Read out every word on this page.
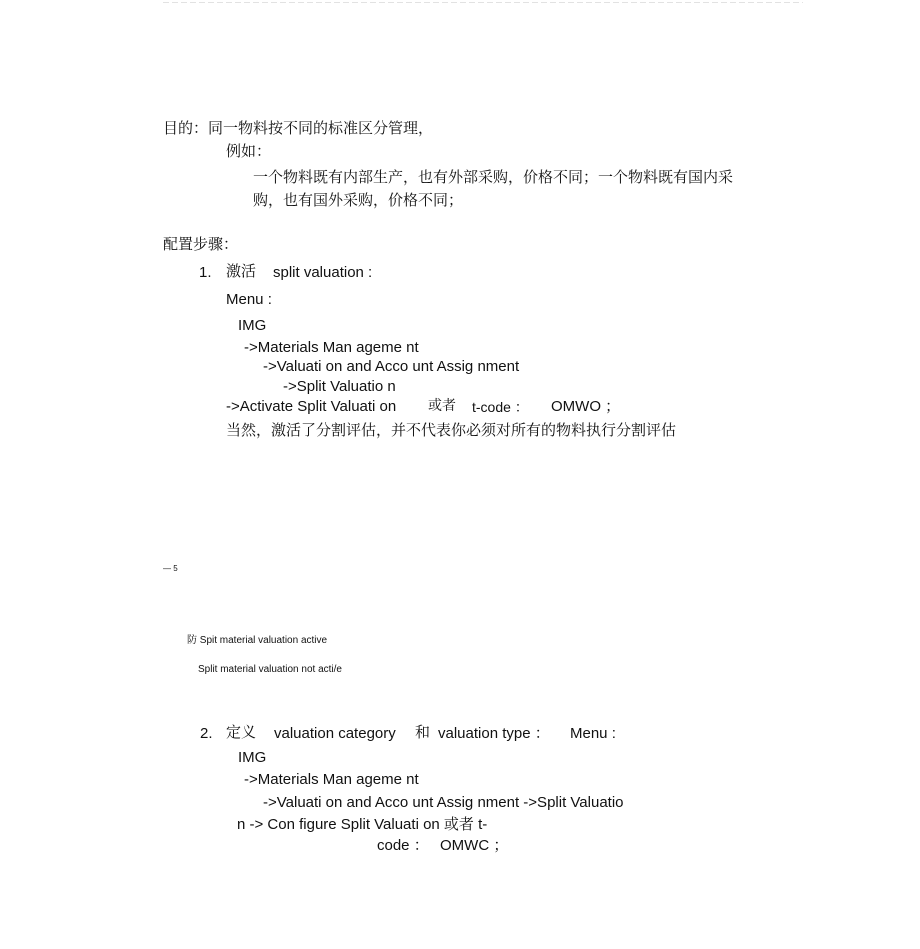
目的：同一物料按不同的标准区分管理，
例如：
一个物料既有内部生产，也有外部采购，价格不同；一个物料既有国内采
购，也有国外采购，价格不同；
配置步骤：
1. 激活 split valuation :
Menu :
IMG
->Materials Man ageme nt
->Valuati on and Acco unt Assig nment
->Split Valuatio n
->Activate Split Valuati on 或者 t-code ： OMWO ；
当然，激活了分割评估，并不代表你必须对所有的物料执行分割评估
— 5
防 Spit material valuation active
Split material valuation not acti/e
2. 定义 valuation category 和 valuation type ： Menu :
IMG
->Materials Man ageme nt
->Valuati on and Acco unt Assig nment ->Split Valuatio
n -> Con figure Split Valuati on 或者 t-
code ： OMWC ；
